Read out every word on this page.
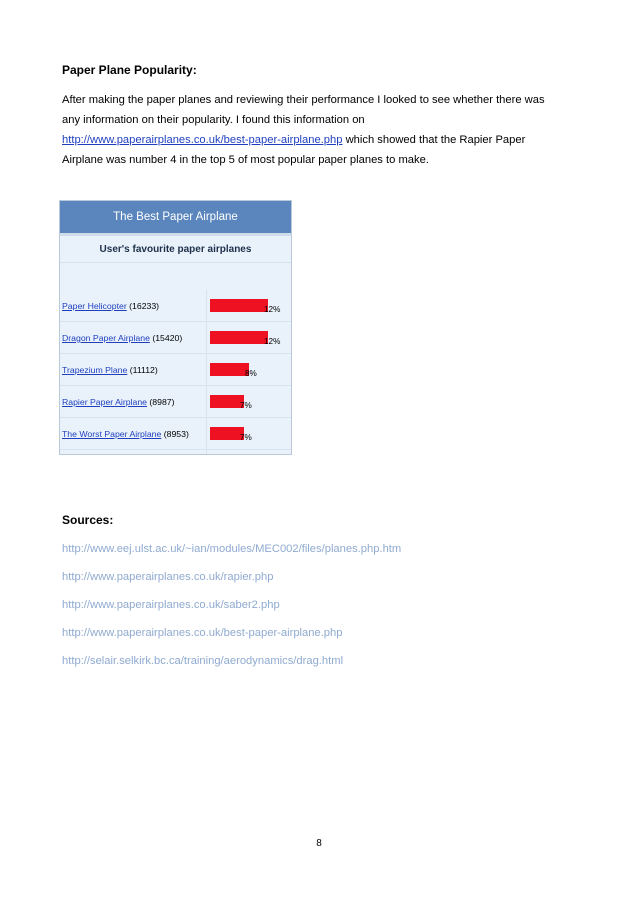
Paper Plane Popularity:
After making the paper planes and reviewing their performance I looked to see whether there was
any information on their popularity. I found this information on
http://www.paperairplanes.co.uk/best-paper-airplane.php which showed that the Rapier Paper
Airplane was number 4 in the top 5 of most popular paper planes to make.
The Best Paper Airplane
User's favourite paper airplanes
Paper Helicopter (16233)	12%
Dragon Paper Airplane (15420)	12%
Trapezium Plane (11112)	8%
Rapier Paper Airplane (8987)	7%
The Worst Paper Airplane (8953)	7%
Sources:
http://www.eej.ulst.ac.uk/~ian/modules/MEC002/files/planes.php.htm
http://www.paperairplanes.co.uk/rapier.php
http://www.paperairplanes.co.uk/saber2.php
http://www.paperairplanes.co.uk/best-paper-airplane.php
http://selair.selkirk.bc.ca/training/aerodynamics/drag.html
8
